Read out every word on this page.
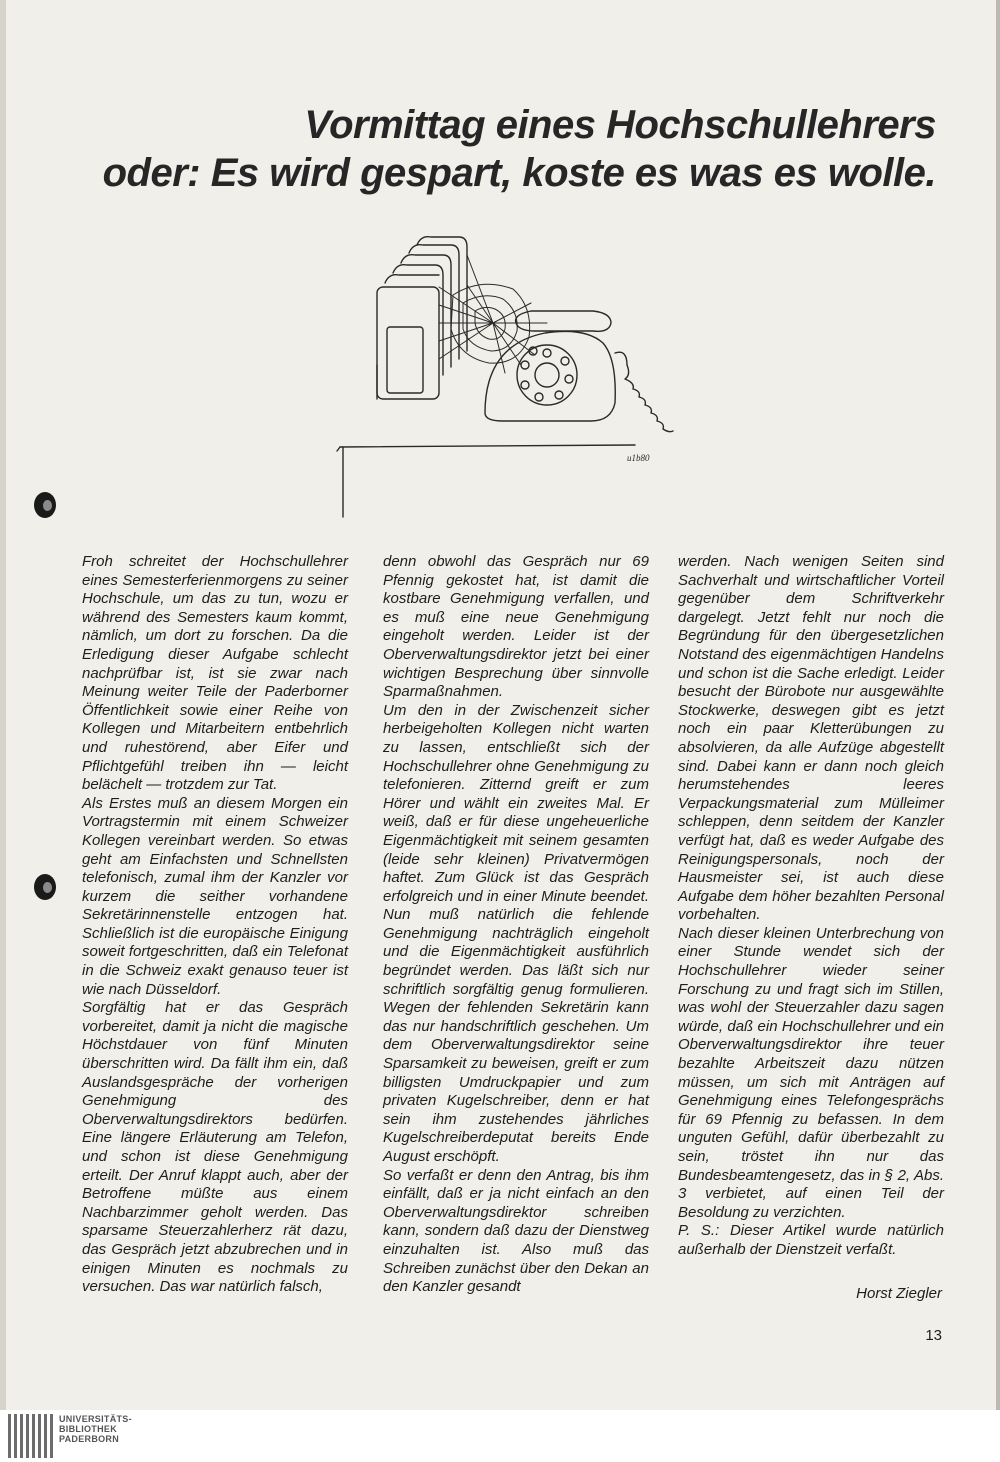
Vormittag eines Hochschullehrers
oder: Es wird gespart, koste es was es wolle.
u1b80

Froh schreitet der Hochschullehrer eines Semesterferienmorgens zu seiner Hochschule, um das zu tun, wozu er während des Semesters kaum kommt, nämlich, um dort zu forschen. Da die Erledigung dieser Aufgabe schlecht nachprüfbar ist, ist sie zwar nach Meinung weiter Teile der Paderborner Öffentlichkeit sowie einer Reihe von Kollegen und Mitarbeitern entbehrlich und ruhestörend, aber Eifer und Pflichtgefühl treiben ihn — leicht belächelt — trotzdem zur Tat.

Als Erstes muß an diesem Morgen ein Vortragstermin mit einem Schweizer Kollegen vereinbart werden. So etwas geht am Einfachsten und Schnellsten telefonisch, zumal ihm der Kanzler vor kurzem die seither vorhandene Sekretärinnenstelle entzogen hat. Schließlich ist die europäische Einigung soweit fortgeschritten, daß ein Telefonat in die Schweiz exakt genauso teuer ist wie nach Düsseldorf.

Sorgfältig hat er das Gespräch vorbereitet, damit ja nicht die magische Höchstdauer von fünf Minuten überschritten wird. Da fällt ihm ein, daß Auslandsgespräche der vorherigen Genehmigung des Oberverwaltungsdirektors bedürfen. Eine längere Erläuterung am Telefon, und schon ist diese Genehmigung erteilt. Der Anruf klappt auch, aber der Betroffene müßte aus einem Nachbarzimmer geholt werden. Das sparsame Steuerzahlerherz rät dazu, das Gespräch jetzt abzubrechen und in einigen Minuten es nochmals zu versuchen. Das war natürlich falsch,

denn obwohl das Gespräch nur 69 Pfennig gekostet hat, ist damit die kostbare Genehmigung verfallen, und es muß eine neue Genehmigung eingeholt werden. Leider ist der Oberverwaltungsdirektor jetzt bei einer wichtigen Besprechung über sinnvolle Sparmaßnahmen.

Um den in der Zwischenzeit sicher herbeigeholten Kollegen nicht warten zu lassen, entschließt sich der Hochschullehrer ohne Genehmigung zu telefonieren. Zitternd greift er zum Hörer und wählt ein zweites Mal. Er weiß, daß er für diese ungeheuerliche Eigenmächtigkeit mit seinem gesamten (leide sehr kleinen) Privatvermögen haftet. Zum Glück ist das Gespräch erfolgreich und in einer Minute beendet. Nun muß natürlich die fehlende Genehmigung nachträglich eingeholt und die Eigenmächtigkeit ausführlich begründet werden. Das läßt sich nur schriftlich sorgfältig genug formulieren. Wegen der fehlenden Sekretärin kann das nur handschriftlich geschehen. Um dem Oberverwaltungsdirektor seine Sparsamkeit zu beweisen, greift er zum billigsten Umdruckpapier und zum privaten Kugelschreiber, denn er hat sein ihm zustehendes jährliches Kugelschreiberdeputat bereits Ende August erschöpft.

So verfaßt er denn den Antrag, bis ihm einfällt, daß er ja nicht einfach an den Oberverwaltungsdirektor schreiben kann, sondern daß dazu der Dienstweg einzuhalten ist. Also muß das Schreiben zunächst über den Dekan an den Kanzler gesandt

werden. Nach wenigen Seiten sind Sachverhalt und wirtschaftlicher Vorteil gegenüber dem Schriftverkehr dargelegt. Jetzt fehlt nur noch die Begründung für den übergesetzlichen Notstand des eigenmächtigen Handelns und schon ist die Sache erledigt. Leider besucht der Bürobote nur ausgewählte Stockwerke, deswegen gibt es jetzt noch ein paar Kletterübungen zu absolvieren, da alle Aufzüge abgestellt sind. Dabei kann er dann noch gleich herumstehendes leeres Verpackungsmaterial zum Mülleimer schleppen, denn seitdem der Kanzler verfügt hat, daß es weder Aufgabe des Reinigungspersonals, noch der Hausmeister sei, ist auch diese Aufgabe dem höher bezahlten Personal vorbehalten.

Nach dieser kleinen Unterbrechung von einer Stunde wendet sich der Hochschullehrer wieder seiner Forschung zu und fragt sich im Stillen, was wohl der Steuerzahler dazu sagen würde, daß ein Hochschullehrer und ein Oberverwaltungsdirektor ihre teuer bezahlte Arbeitszeit dazu nützen müssen, um sich mit Anträgen auf Genehmigung eines Telefongesprächs für 69 Pfennig zu befassen. In dem unguten Gefühl, dafür überbezahlt zu sein, tröstet ihn nur das Bundesbeamtengesetz, das in § 2, Abs. 3 verbietet, auf einen Teil der Besoldung zu verzichten.

P. S.: Dieser Artikel wurde natürlich außerhalb der Dienstzeit verfaßt.

Horst Ziegler

13

UNIVERSITÄTS-
BIBLIOTHEK
PADERBORN
